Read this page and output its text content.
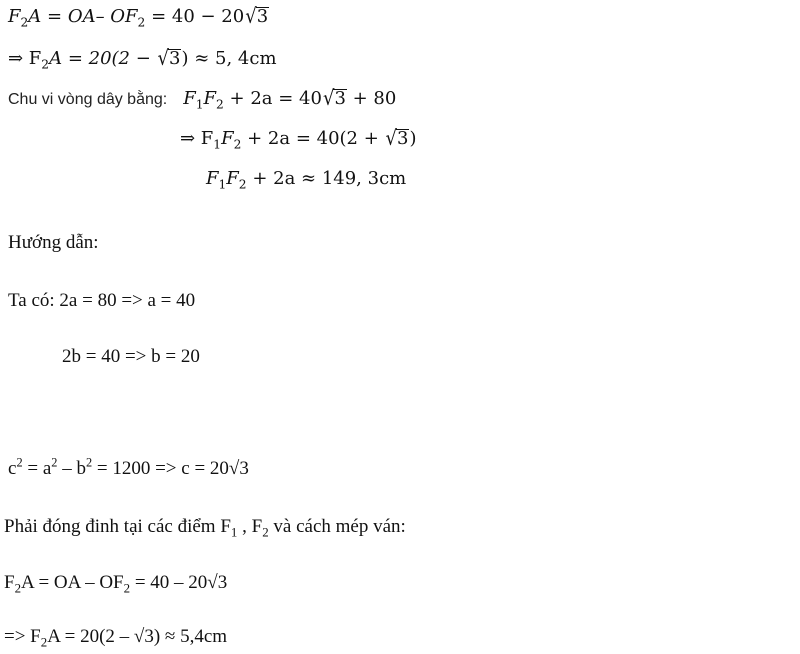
$F_2A = OA-$ $OF_2 = 40 - 20√3$
⇒ $F_2A = 20(2 - √3) \approx 5$, 4cm
Chu vi vòng dây bằng: $F_1F_2 + 2a = 40√3 + 80$
⇒ $F_1F_2 + 2a = 40(2 + √3)$
$F_1F_2 + 2a \approx 149$, 3cm
Hướng dẫn:
Ta có: 2a = 80 => a = 40
2b = 40 => b = 20
$c^2 = a^2 - b^2 = 1200 => c = 20√3$
Phải đóng đinh tại các điểm $F_1$ , $F_2$ và cách mép ván:
$F_2A$ = OA – $OF_2 = 40 - 20√3$
=> $F_2A = 20(2 - √3) \approx 5,4cm$
